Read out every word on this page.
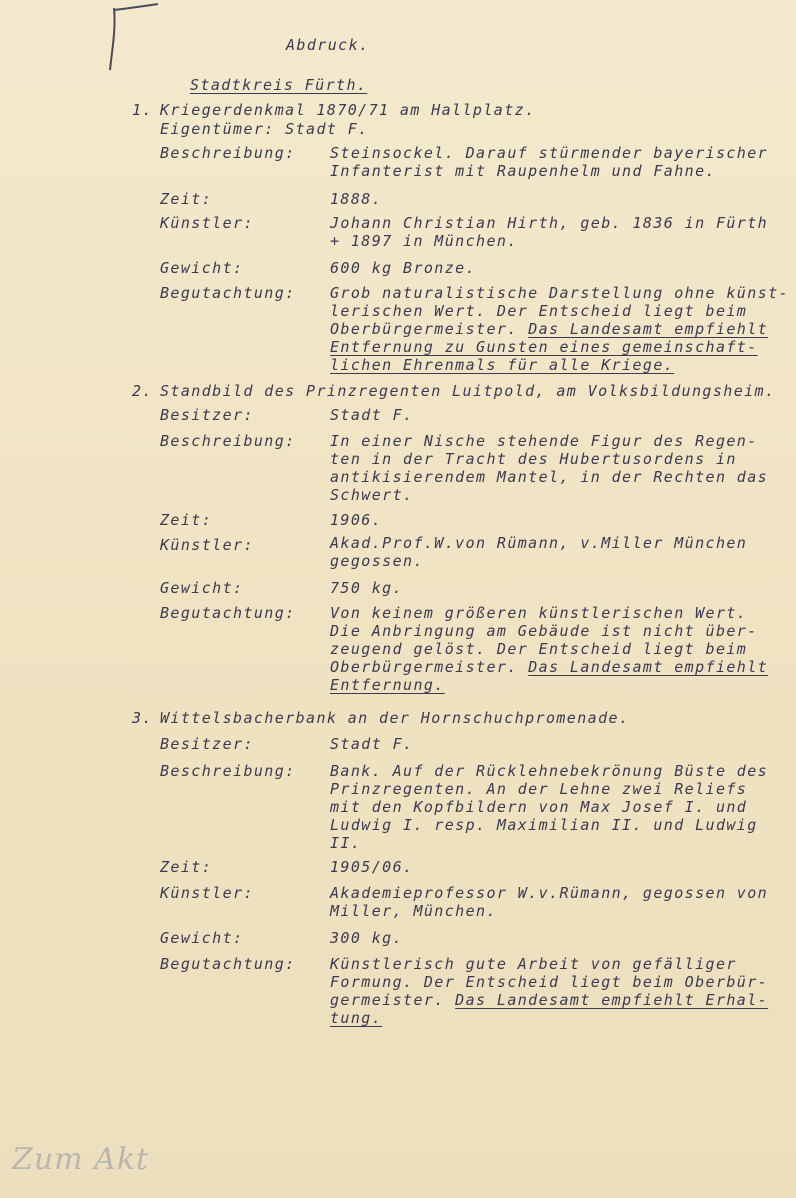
Abdruck.
Stadtkreis Fürth.
1. Kriegerdenkmal 1870/71 am Hallplatz.
Eigentümer: Stadt F.
Beschreibung: Steinsockel. Darauf stürmender bayerischer
Infanterist mit Raupenhelm und Fahne.
Zeit:	1888.
Künstler:	Johann Christian Hirth, geb. 1836 in Fürth
+ 1897 in München.
Gewicht:	600 kg Bronze.
Begutachtung: Grob naturalistische Darstellung ohne künst-
lerischen Wert. Der Entscheid liegt beim
Oberbürgermeister. Das Landesamt empfiehlt
Entfernung zu Gunsten eines gemeinschaft-
lichen Ehrenmals für alle Kriege.
2. Standbild des Prinzregenten Luitpold, am Volksbildungsheim.
Besitzer:	Stadt F.
Beschreibung: In einer Nische stehende Figur des Regen-
ten in der Tracht des Hubertusordens in
antikisierendem Mantel, in der Rechten das
Schwert.
Zeit:	1906.
Künstler:	Akad.Prof.W.von Rümann, v.Miller München
gegossen.
Gewicht:	750 kg.
Begutachtung: Von keinem größeren künstlerischen Wert.
Die Anbringung am Gebäude ist nicht über-
zeugend gelöst. Der Entscheid liegt beim
Oberbürgermeister. Das Landesamt empfiehlt
Entfernung.
3. Wittelsbacherbank an der Hornschuchpromenade.
Besitzer:	Stadt F.
Beschreibung: Bank. Auf der Rücklehnebekrönung Büste des
Prinzregenten. An der Lehne zwei Reliefs
mit den Kopfbildern von Max Josef I. und
Ludwig I. resp. Maximilian II. und Ludwig
II.
Zeit:	1905/06.
Künstler:	Akademieprofessor W.v.Rümann, gegossen von
Miller, München.
Gewicht:	300 kg.
Begutachtung: Künstlerisch gute Arbeit von gefälliger
Formung. Der Entscheid liegt beim Oberbür-
germeister. Das Landesamt empfiehlt Erhal-
tung.
Zum Akt
